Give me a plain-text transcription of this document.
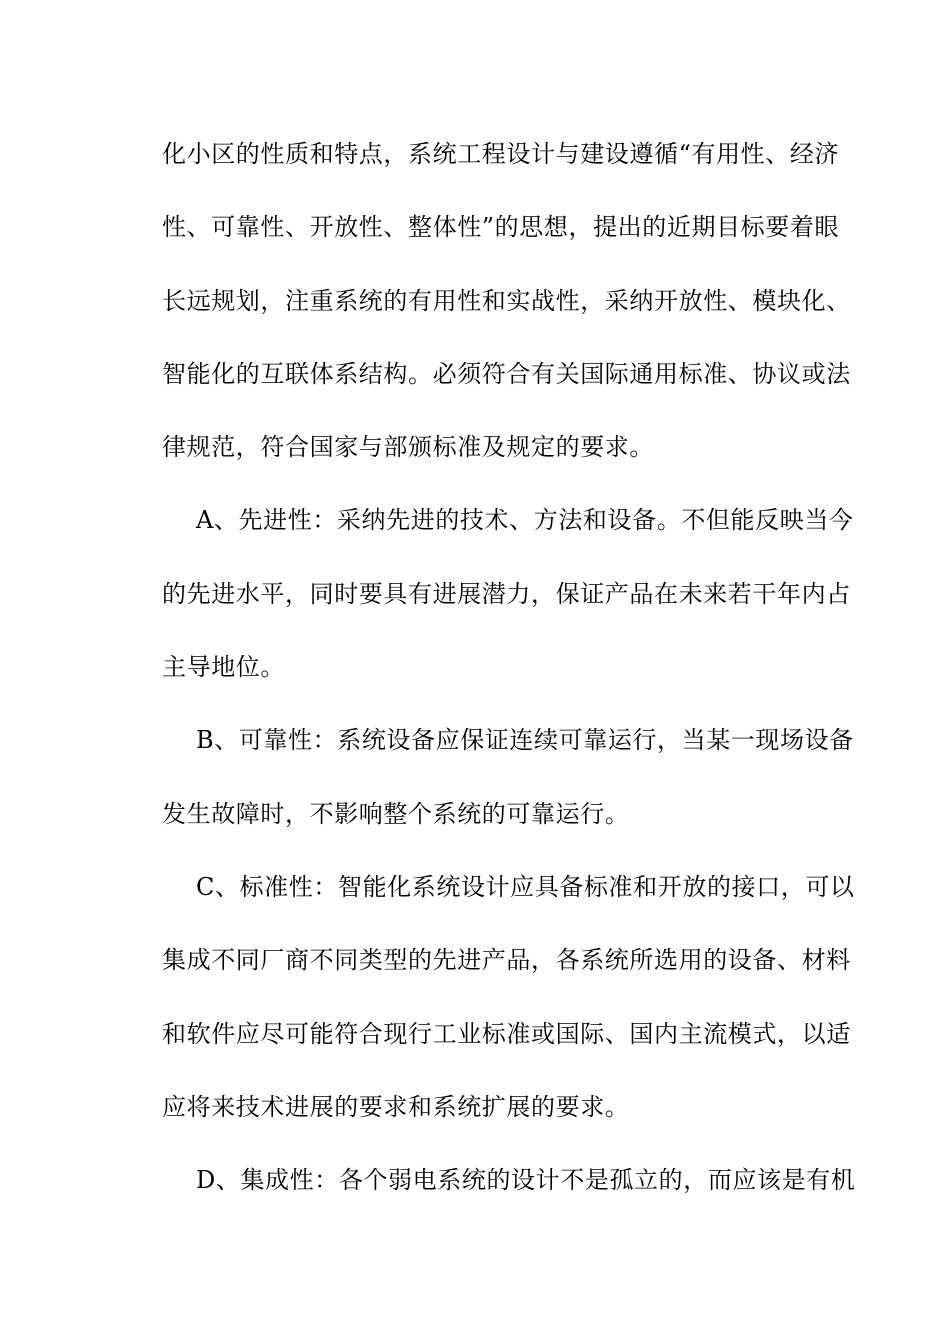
化小区的性质和特点，系统工程设计与建设遵循“有用性、经济
性、可靠性、开放性、整体性”的思想，提出的近期目标要着眼
长远规划，注重系统的有用性和实战性，采纳开放性、模块化、
智能化的互联体系结构。必须符合有关国际通用标准、协议或法
律规范，符合国家与部颁标准及规定的要求。
A、先进性：采纳先进的技术、方法和设备。不但能反映当今
的先进水平，同时要具有进展潜力，保证产品在未来若干年内占
主导地位。
B、可靠性：系统设备应保证连续可靠运行，当某一现场设备
发生故障时，不影响整个系统的可靠运行。
C、标准性：智能化系统设计应具备标准和开放的接口，可以
集成不同厂商不同类型的先进产品，各系统所选用的设备、材料
和软件应尽可能符合现行工业标准或国际、国内主流模式，以适
应将来技术进展的要求和系统扩展的要求。
D、集成性：各个弱电系统的设计不是孤立的，而应该是有机
